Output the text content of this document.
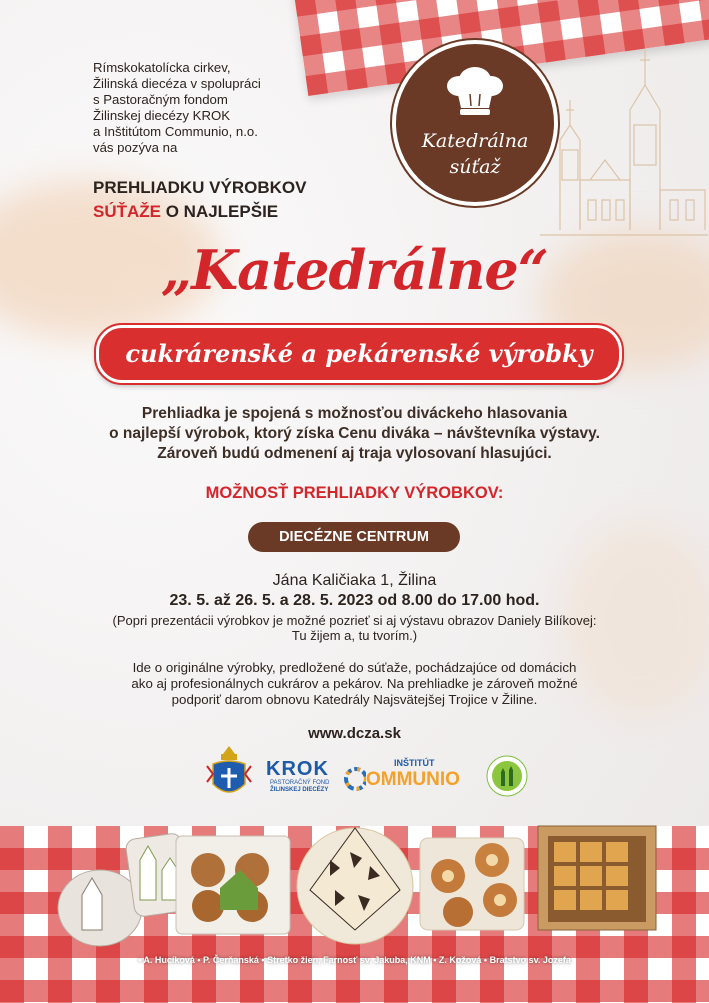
Rímskokatolícka cirkev,
Žilinská diecéza v spolupráci
s Pastoračným fondom
Žilinskej diecézy KROK
a Inštitútom Communio, n.o.
vás pozýva na
PREHLIADKU VÝROBKOV
SÚŤAŽE O NAJLEPŠIE
Katedrálna
súťaž
„Katedrálne“
cukrárenské a pekárenské výrobky
Prehliadka je spojená s možnosťou diváckeho hlasovania
o najlepší výrobok, ktorý získa Cenu diváka – návštevníka výstavy.
Zároveň budú odmenení aj traja vylosovaní hlasujúci.
MOŽNOSŤ PREHLIADKY VÝROBKOV:
DIECÉZNE CENTRUM
Jána Kaličiaka 1, Žilina
23. 5. až 26. 5. a 28. 5. 2023 od 8.00 do 17.00 hod.
(Popri prezentácii výrobkov je možné pozrieť si aj výstavu obrazov Daniely Bilíkovej:
Tu žijem a, tu tvorím.)
Ide o originálne výrobky, predložené do súťaže, pochádzajúce od domácich
ako aj profesionálnych cukrárov a pekárov. Na prehliadke je zároveň možné
podporiť darom obnovu Katedrály Najsvätejšej Trojice v Žiline.
www.dcza.sk
KROK
PASTORAČNÝ FOND
ŽILINSKEJ DIECÉZY
INŠTITÚT
OMMUNIO
• A. Hucíková • P. Čerňanská • Stretko žien, Farnosť sv. Jakuba, KNM • Z. Kožová • Bratstvo sv. Jozefa
